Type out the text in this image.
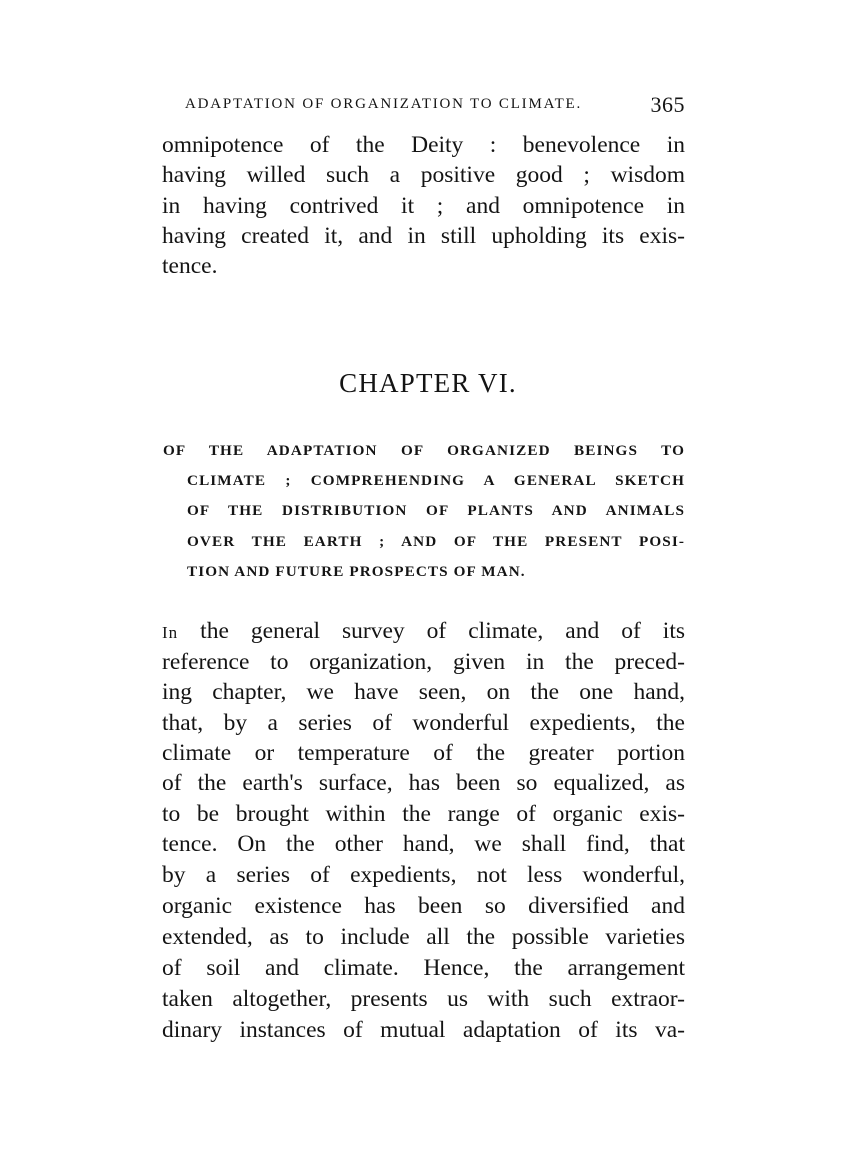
ADAPTATION OF ORGANIZATION TO CLIMATE.	365
omnipotence of the Deity : benevolence in
having willed such a positive good ; wisdom
in having contrived it ; and omnipotence in
having created it, and in still upholding its exis-
tence.
CHAPTER VI.
OF THE ADAPTATION OF ORGANIZED BEINGS TO
CLIMATE ; COMPREHENDING A GENERAL SKETCH
OF THE DISTRIBUTION OF PLANTS AND ANIMALS
OVER THE EARTH ; AND OF THE PRESENT POSI-
TION AND FUTURE PROSPECTS OF MAN.
In the general survey of climate, and of its
reference to organization, given in the preced-
ing chapter, we have seen, on the one hand,
that, by a series of wonderful expedients, the
climate or temperature of the greater portion
of the earth's surface, has been so equalized, as
to be brought within the range of organic exis-
tence. On the other hand, we shall find, that
by a series of expedients, not less wonderful,
organic existence has been so diversified and
extended, as to include all the possible varieties
of soil and climate. Hence, the arrangement
taken altogether, presents us with such extraor-
dinary instances of mutual adaptation of its va-
